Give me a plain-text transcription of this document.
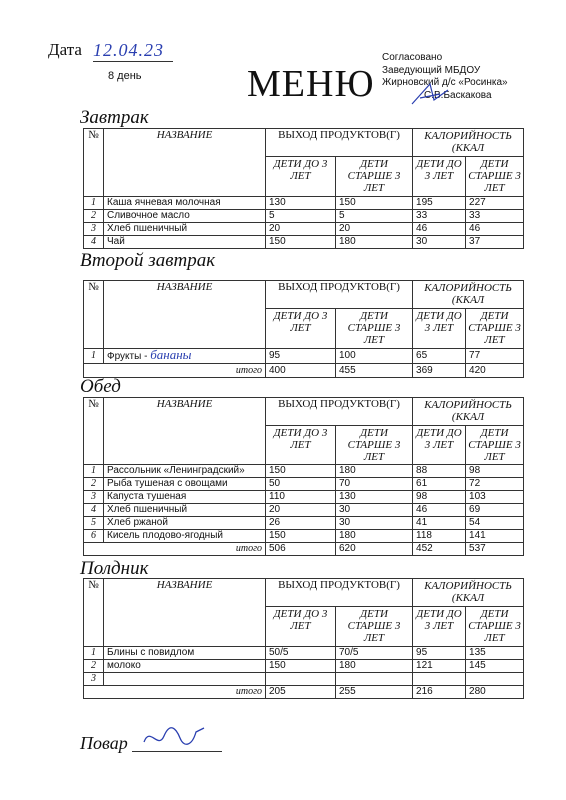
Дата 12.04.23
8 день	МЕНЮ
Согласовано
Заведующий МБДОУ
Жирновский д/с «Росинка»
С.В.Баскакова
Завтрак
№	НАЗВАНИЕ	ВЫХОД ПРОДУКТОВ(Г)		КАЛОРИЙНОСТЬ (ККАЛ	
		ДЕТИ ДО 3 ЛЕТ	ДЕТИ СТАРШЕ 3 ЛЕТ	ДЕТИ ДО 3 ЛЕТ	ДЕТИ СТАРШЕ 3 ЛЕТ
1	Каша ячневая молочная	130	150	195	227
2	Сливочное масло	5	5	33	33
3	Хлеб пшеничный	20	20	46	46
4	Чай	150	180	30	37
Второй завтрак
№	НАЗВАНИЕ	ВЫХОД ПРОДУКТОВ(Г)		КАЛОРИЙНОСТЬ (ККАЛ	
		ДЕТИ ДО 3 ЛЕТ	ДЕТИ СТАРШЕ 3 ЛЕТ	ДЕТИ ДО 3 ЛЕТ	ДЕТИ СТАРШЕ 3 ЛЕТ
1	Фрукты - бананы	95	100	65	77
итого		400	455	369	420
Обед
№	НАЗВАНИЕ	ВЫХОД ПРОДУКТОВ(Г)		КАЛОРИЙНОСТЬ (ККАЛ	
		ДЕТИ ДО 3 ЛЕТ	ДЕТИ СТАРШЕ 3 ЛЕТ	ДЕТИ ДО 3 ЛЕТ	ДЕТИ СТАРШЕ 3 ЛЕТ
1	Рассольник «Ленинградский»	150	180	88	98
2	Рыба тушеная с овощами	50	70	61	72
3	Капуста тушеная	110	130	98	103
4	Хлеб пшеничный	20	30	46	69
5	Хлеб ржаной	26	30	41	54
6	Кисель плодово-ягодный	150	180	118	141
итого		506	620	452	537
Полдник
№	НАЗВАНИЕ	ВЫХОД ПРОДУКТОВ(Г)		КАЛОРИЙНОСТЬ (ККАЛ	
		ДЕТИ ДО 3 ЛЕТ	ДЕТИ СТАРШЕ 3 ЛЕТ	ДЕТИ ДО 3 ЛЕТ	ДЕТИ СТАРШЕ 3 ЛЕТ
1	Блины с повидлом	50/5	70/5	95	135
2	молоко	150	180	121	145
3					
итого		205	255	216	280
Повар
